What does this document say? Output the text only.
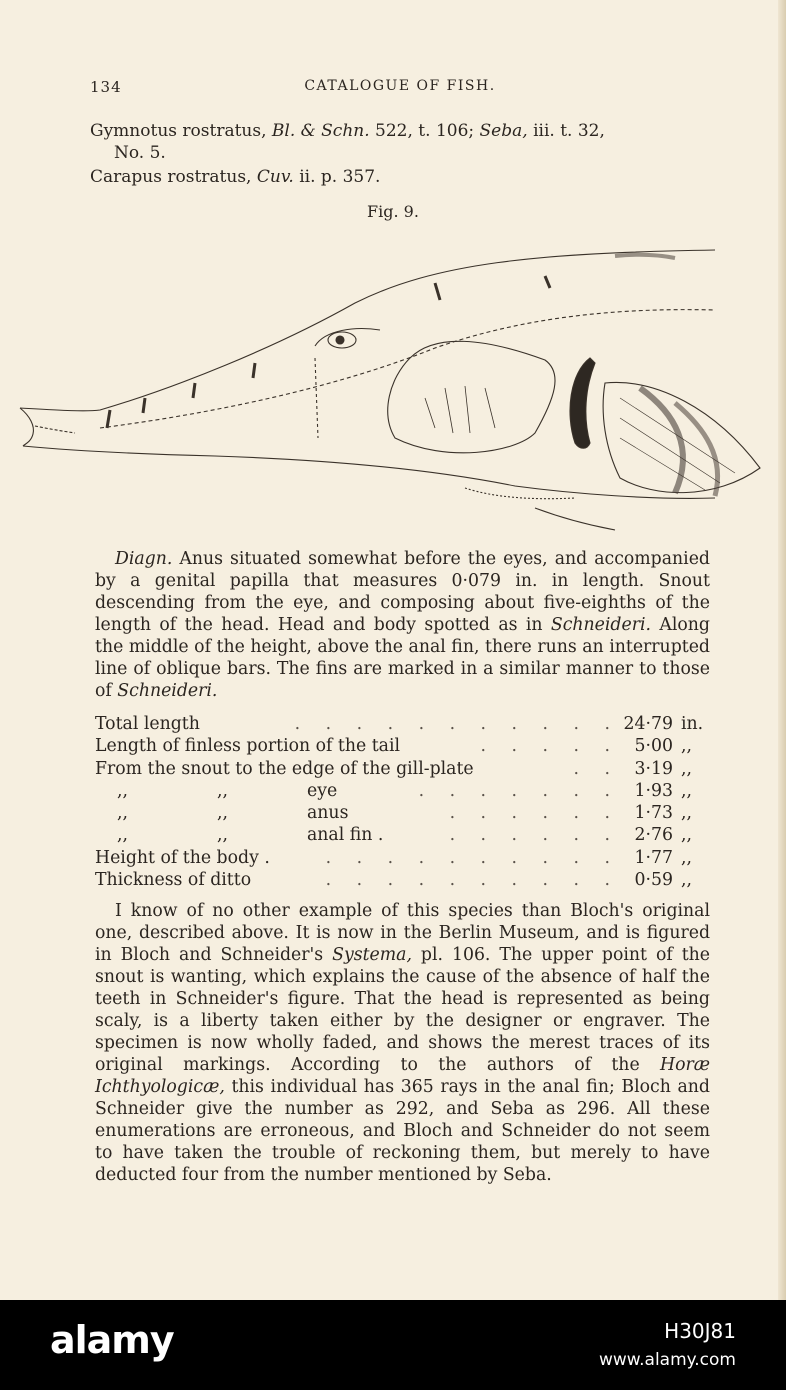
134	CATALOGUE OF FISH.
Gymnotus rostratus, Bl. & Schn. 522, t. 106; Seba, iii. t. 32,
No. 5.
Carapus rostratus, Cuv. ii. p. 357.
Fig. 9.
Diagn. Anus situated somewhat before the eyes, and accompanied by a genital papilla that measures 0·079 in. in length. Snout descending from the eye, and composing about five-eighths of the length of the head. Head and body spotted as in Schneideri. Along the middle of the height, above the anal fin, there runs an interrupted line of oblique bars. The fins are marked in a similar manner to those of Schneideri.
Total length	. . . . . . . . . . . 24·79 in.
Length of finless portion of the tail	. . . . . 5·00 ,,
From the snout to the edge of the gill-plate	. . 3·19 ,,
,,	,,	eye	. . . . . . . 1·93 ,,
,,	,,	anus	. . . . . . 1·73 ,,
,,	,,	anal fin .	. . . . . . 2·76 ,,
Height of the body .	. . . . . . . . . . 1·77 ,,
Thickness of ditto	. . . . . . . . . . 0·59 ,,
I know of no other example of this species than Bloch's original one, described above. It is now in the Berlin Museum, and is figured in Bloch and Schneider's Systema, pl. 106. The upper point of the snout is wanting, which explains the cause of the absence of half the teeth in Schneider's figure. That the head is represented as being scaly, is a liberty taken either by the designer or engraver. The specimen is now wholly faded, and shows the merest traces of its original markings. According to the authors of the Horæ Ichthyologicæ, this individual has 365 rays in the anal fin; Bloch and Schneider give the number as 292, and Seba as 296. All these enumerations are erroneous, and Bloch and Schneider do not seem to have taken the trouble of reckoning them, but merely to have deducted four from the number mentioned by Seba.
alamy	H30J81
www.alamy.com
